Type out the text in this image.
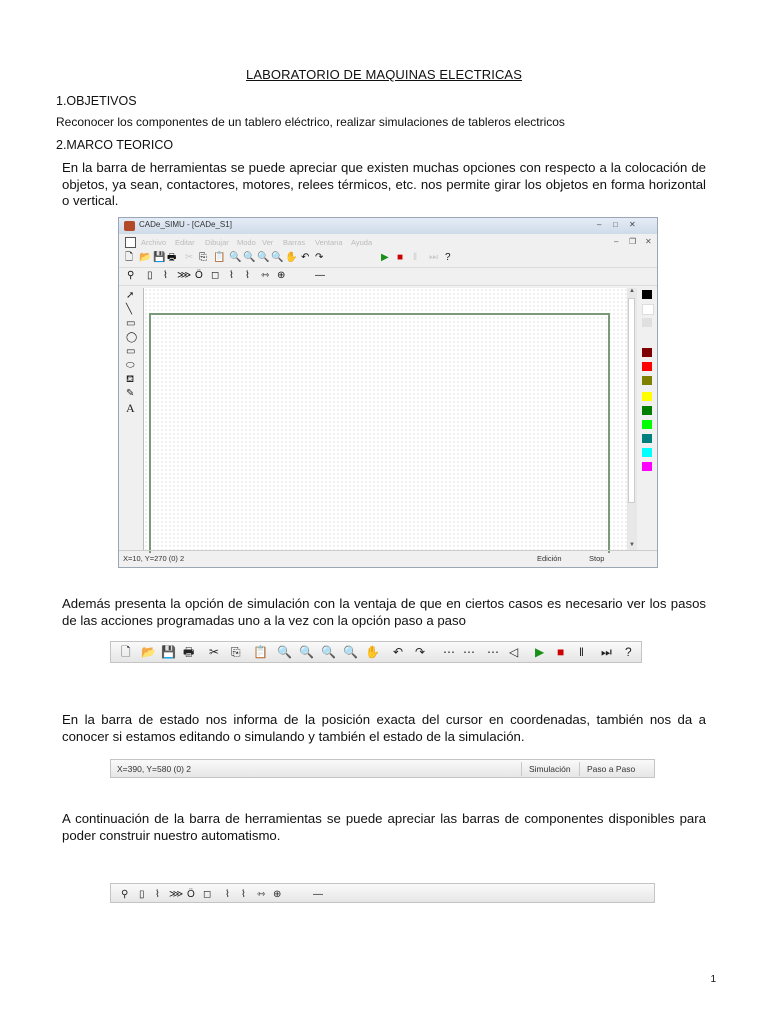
LABORATORIO DE MAQUINAS ELECTRICAS
1.OBJETIVOS
Reconocer los componentes de un tablero eléctrico, realizar simulaciones de tableros electricos
2.MARCO TEORICO
En la barra de herramientas se puede apreciar que existen muchas opciones con respecto a la colocación de objetos, ya sean, contactores, motores, relees térmicos, etc. nos permite girar los objetos en forma horizontal o vertical.
CADe_SIMU - [CADe_S1]	– □ ✕
Archivo Editar Dibujar Modo Ver Barras Ventana Ayuda	– ❐ ✕
🗋 📂 💾 🖶 ✂ ⎘ 📋 🔍 🔍 🔍 🔍 ✋ ↶ ↷	▶ ■ ‖ ⏭ ?
⚲ ▯ ⌇ ⋙ Ö ◻ ⌇ ⌇ ⇿ ⊕	—
➚
╲
▭
◯
▭
⬭
⛾
✎
A
▲
▼
X=10, Y=270 (0) 2	Edición	Stop
Además presenta la opción de simulación con la ventaja de que en ciertos casos es necesario ver los pasos de las acciones programadas uno a la vez con la opción paso a paso
🗋 📂 💾 🖶 ✂ ⎘ 📋 🔍 🔍 🔍 🔍 ✋ ↶ ↷ ⋯ ⋯ ⋯ ◁ ▶ ■ ‖ ⏭ ?
En la barra de estado nos informa de la posición exacta del cursor en coordenadas, también nos da a conocer si estamos editando o simulando y también el estado de la simulación.
X=390, Y=580 (0) 2	Simulación Paso a Paso
A continuación de la barra de herramientas se puede apreciar las barras de componentes disponibles para poder construir nuestro automatismo.
⚲ ▯ ⌇ ⋙ Ö ◻ ⌇ ⌇ ⇿ ⊕	—
1
